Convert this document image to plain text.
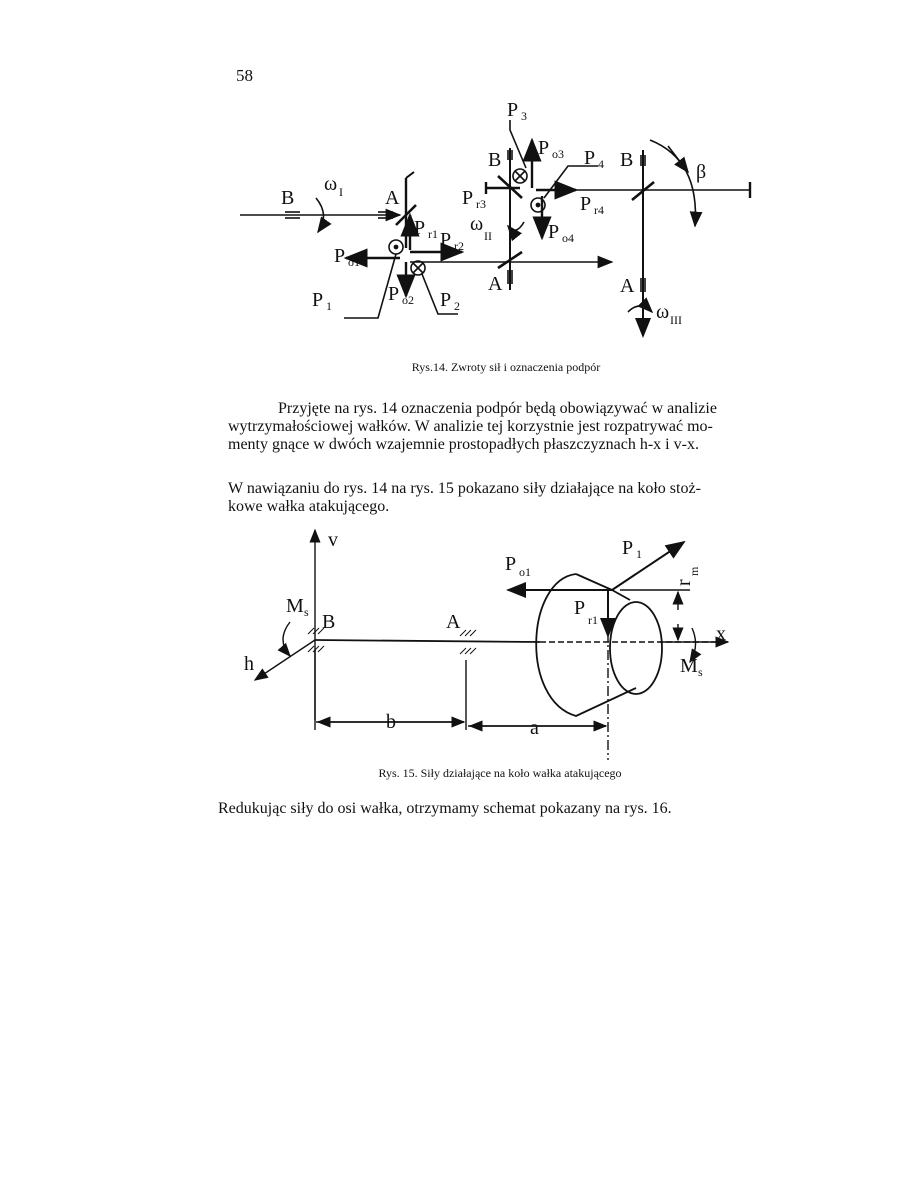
58
B
ω I A
P 3
B
P o3 P 4 B
β
P r3	P r4
P r1 P r2
ω
II	P o4
P o1
A	A
P 1
P o2 P 2	ω III
Rys.14. Zwroty sił i oznaczenia podpór

Przyjęte na rys. 14 oznaczenia podpór będą obowiązywać w analizie

wytrzymałościowej wałków. W analizie tej korzystnie jest rozpatrywać mo-

menty gnące w dwóch wzajemnie prostopadłych płaszczyznach h-x i v-x.

W nawiązaniu do rys. 14 na rys. 15 pokazano siły działające na koło stoż-

kowe wałka atakującego.

v
M s B	A
h
P o1
P 1
P
r1
r
m
x
M s
b	a
Rys. 15. Siły działające na koło wałka atakującego

Redukując siły do osi wałka, otrzymamy schemat pokazany na rys. 16.
